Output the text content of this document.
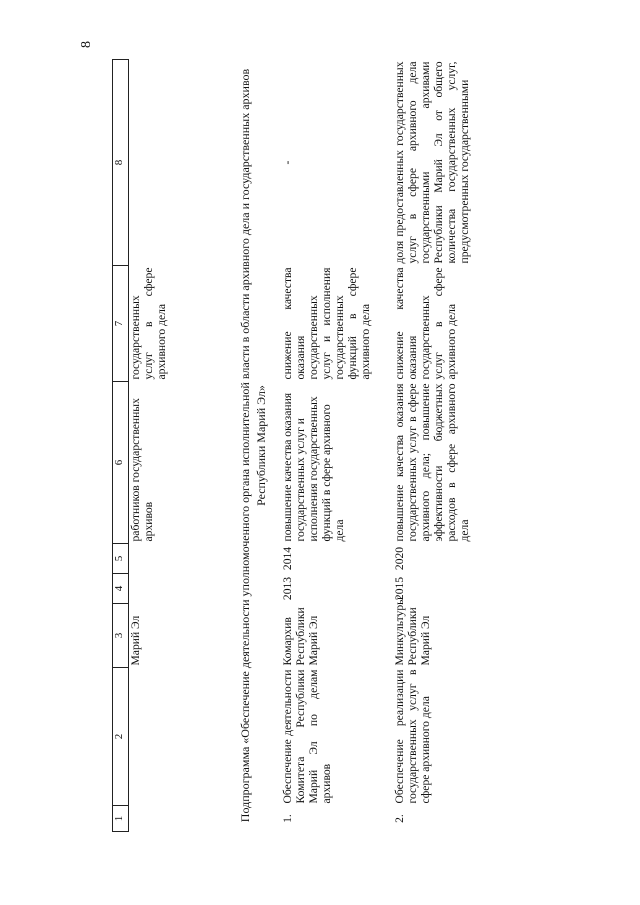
8
1	2	3	4	5	6	7	8
		Марий Эл			работников государственных архивов	государственных услуг в сфере архивного дела	
Подпрограмма «Обеспечение деятельности уполномоченного органа исполнительной власти в области архивного дела и государственных архивов Республики Марий Эл»							
1.	Обеспечение деятельности Комитета Республики Марий Эл по делам архивов	Комархив Республики Марий Эл	2013	2014	повышение качества оказания государственных услуг и исполнения государственных функций в сфере архивного дела	снижение качества оказания государственных услуг и исполнения государственных функций в сфере архивного дела	-
2.	Обеспечение реализации государственных услуг в сфере архивного дела	Минкультуры Республики Марий Эл	2015	2020	повышение качества оказания государственных услуг в сфере архивного дела; повышение эффективности бюджетных расходов в сфере архивного дела	снижение качества оказания государственных услуг в сфере архивного дела	доля предоставленных государственных услуг в сфере архивного дела государственными архивами Республики Марий Эл от общего количества государственных услуг, предусмотренных государственными
